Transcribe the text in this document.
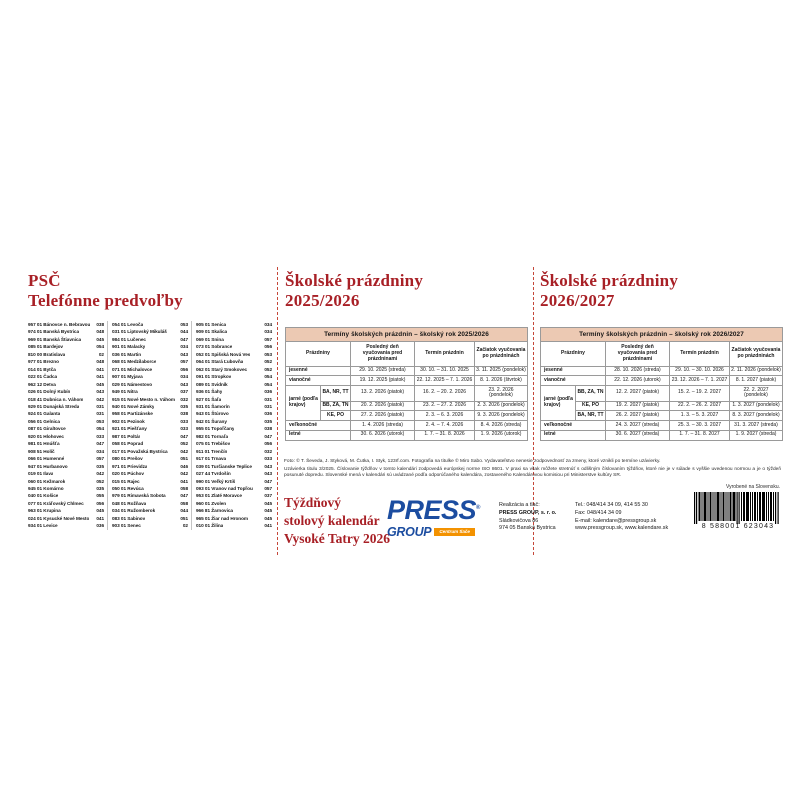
PSČ
Telefónne predvoľby
957 01 Bánovce n. Bebravou 038
974 01 Banská Bystrica	048
969 01 Banská Štiavnica	045
085 01 Bardejov	054
810 00 Bratislava	02
977 01 Brezno	048
014 01 Bytča	041
022 01 Čadca	041
962 12 Detva	045
026 01 Dolný Kubín	043
018 41 Dubnica n. Váhom	042
929 01 Dunajská Streda	031
924 01 Galanta	031
056 01 Gelnica	053
087 01 Giraltovce	054
920 01 Hlohovec	033
981 01 Hnúšťa	047
908 51 Holíč	034
066 01 Humenné	057
947 01 Hurbanovo	035
019 01 Ilava	042
060 01 Kežmarok	052
945 01 Komárno	035
040 01 Košice	055
077 01 Kráľovský Chlmec	056
963 01 Krupina	045
024 01 Kysucké Nové Mesto 041
934 01 Levice	036
054 01 Levoča	053
031 01 Liptovský Mikuláš	044
984 01 Lučenec	047
901 01 Malacky	034
036 01 Martin	043
068 01 Medzilaborce	057
071 01 Michalovce	056
907 01 Myjava	034
029 01 Námestovo	043
949 01 Nitra	037
915 01 Nové Mesto n. Váhom 032
940 01 Nové Zámky	035
958 01 Partizánske	038
902 01 Pezinok	033
921 01 Piešťany	033
987 01 Poltár	047
058 01 Poprad	052
017 01 Považská Bystrica	042
080 01 Prešov	051
971 01 Prievidza	046
020 01 Púchov	042
015 01 Rajec	041
050 01 Revúca	058
979 01 Rimavská Sobota	047
048 01 Rožňava	058
034 01 Ružomberok	044
083 01 Sabinov	051
903 01 Senec	02
905 01 Senica	034
909 01 Skalica	034
069 01 Snina	057
073 01 Sobrance	056
052 01 Spišská Nová Ves	053
064 01 Stará Ľubovňa	052
062 01 Starý Smokovec	052
091 01 Stropkov	054
089 01 Svidník	054
936 01 Šahy	036
927 01 Šaľa	031
931 01 Šamorín	031
943 01 Štúrovo	036
942 01 Šurany	035
955 01 Topoľčany	038
982 01 Tornaľa	047
075 01 Trebišov	056
911 01 Trenčín	032
917 01 Trnava	033
039 01 Turčianske Teplice	043
027 44 Tvrdošín	043
990 01 Veľký Krtíš	047
093 01 Vranov nad Topľou 057
953 01 Zlaté Moravce	037
960 01 Zvolen	045
966 81 Žarnovica	045
965 01 Žiar nad Hronom	045
010 01 Žilina	041
Školské prázdniny
2025/2026
Termíny školských prázdnin – školský rok 2025/2026				
Prázdniny		Posledný deň vyučovania pred prázdninami	Termín prázdnin	Začiatok vyučovania po prázdninách
jesenné		29. 10. 2025 (streda)	30. 10. – 31. 10. 2025	3. 11. 2025 (pondelok)
vianočné		19. 12. 2025 (piatok)	22. 12. 2025 – 7. 1. 2026	8. 1. 2026 (štvrtok)
jarné (podľa krajov)	BA, NR, TT	13. 2. 2026 (piatok)	16. 2. – 20. 2. 2026	23. 2. 2026 (pondelok)
	BB, ZA, TN	20. 2. 2026 (piatok)	23. 2. – 27. 2. 2026	2. 3. 2026 (pondelok)
	KE, PO	27. 2. 2026 (piatok)	2. 3. – 6. 3. 2026	9. 3. 2026 (pondelok)
veľkonočné		1. 4. 2026 (streda)	2. 4. – 7. 4. 2026	8. 4. 2026 (streda)
letné		30. 6. 2026 (utorok)	1. 7. – 31. 8. 2026	1. 9. 2026 (utorok)
Školské prázdniny
2026/2027
Termíny školských prázdnin – školský rok 2026/2027				
Prázdniny		Posledný deň vyučovania pred prázdninami	Termín prázdnin	Začiatok vyučovania po prázdninách
jesenné		28. 10. 2026 (streda)	29. 10. – 30. 10. 2026	2. 11. 2026 (pondelok)
vianočné		22. 12. 2026 (utorok)	23. 12. 2026 – 7. 1. 2027	8. 1. 2027 (piatok)
jarné (podľa krajov)	BB, ZA, TN	12. 2. 2027 (piatok)	15. 2. – 19. 2. 2027	22. 2. 2027 (pondelok)
	KE, PO	19. 2. 2027 (piatok)	22. 2. – 26. 2. 2027	1. 3. 2027 (pondelok)
	BA, NR, TT	26. 2. 2027 (piatok)	1. 3. – 5. 3. 2027	8. 3. 2027 (pondelok)
veľkonočné		24. 3. 2027 (streda)	25. 3. – 30. 3. 2027	31. 3. 2027 (streda)
letné		30. 6. 2027 (streda)	1. 7. – 31. 8. 2027	1. 9. 2027 (streda)
Foto: © T. Ševeda, J. Styková, M. Čutka, I. Styk, 123rf.com. Fotografia na titulke © Miro Sabo. Vydavateľstvo nenesie zodpovednosť za zmeny, ktoré vznikli po termíne uzávierky.
Uzávierka titulu 3/2025. Číslovanie týždňov v tomto kalendári zodpovedá európskej norme ISO 8601. V praxi sa však môžete stretnúť s odlišným číslovaním týždňov, ktoré nie je v súlade s vyššie uvedenou normou a je o týždeň posunuté dopredu. Slovenské mená v kalendári sú uvádzané podľa odporúčaného kalendára, zostaveného Kalendárovou komisiou pri Ministerstve kultúry SR.
Vyrobené na Slovensku.
Týždňový
stolový kalendár
Vysoké Tatry 2026
PRESS®
GROUP	Centrum tlače
Realizácia a tlač:
PRESS GROUP, s. r. o.
Sládkovičova 86
974 05 Banská Bystrica
Tel.: 048/414 34 09, 414 55 30
Fax: 048/414 34 09
E-mail: kalendare@pressgroup.sk
www.pressgroup.sk, www.kalendare.sk	8 588001 623043
